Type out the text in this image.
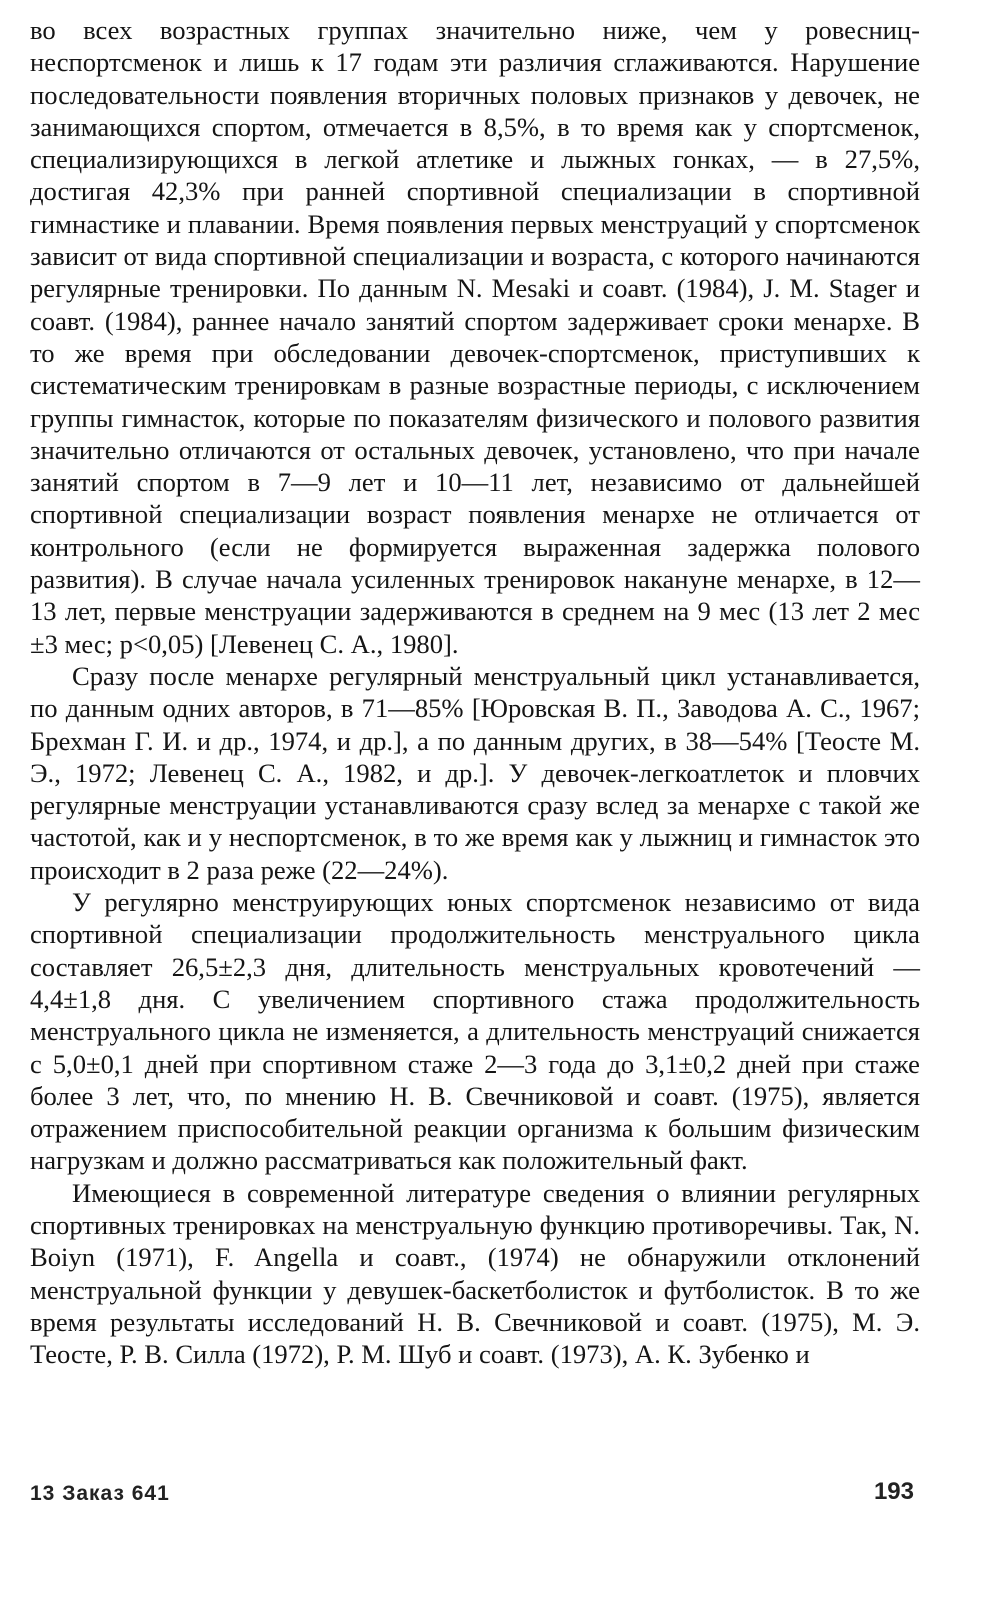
во всех возрастных группах значительно ниже, чем у ровесниц-неспортсменок и лишь к 17 годам эти различия сглаживаются. Нарушение последовательности появления вторичных половых признаков у девочек, не занимающихся спортом, отмечается в 8,5%, в то время как у спортсменок, специализирующихся в легкой атлетике и лыжных гонках, — в 27,5%, достигая 42,3% при ранней спортивной специализации в спортивной гимнастике и плавании. Время появления первых менструаций у спортсменок зависит от вида спортивной специализации и возраста, с которого начинаются регулярные тренировки. По данным N. Mesaki и соавт. (1984), J. M. Stager и соавт. (1984), раннее начало занятий спортом задерживает сроки менархе. В то же время при обследовании девочек-спортсменок, приступивших к систематическим тренировкам в разные возрастные периоды, с исключением группы гимнасток, которые по показателям физического и полового развития значительно отличаются от остальных девочек, установлено, что при начале занятий спортом в 7—9 лет и 10—11 лет, независимо от дальнейшей спортивной специализации возраст появления менархе не отличается от контрольного (если не формируется выраженная задержка полового развития). В случае начала усиленных тренировок накануне менархе, в 12—13 лет, первые менструации задерживаются в среднем на 9 мес (13 лет 2 мес ±3 мес; p<0,05) [Левенец С. А., 1980].

Сразу после менархе регулярный менструальный цикл устанавливается, по данным одних авторов, в 71—85% [Юровская В. П., Заводова А. С., 1967; Брехман Г. И. и др., 1974, и др.], а по данным других, в 38—54% [Теосте М. Э., 1972; Левенец С. А., 1982, и др.]. У девочек-легкоатлеток и пловчих регулярные менструации устанавливаются сразу вслед за менархе с такой же частотой, как и у неспортсменок, в то же время как у лыжниц и гимнасток это происходит в 2 раза реже (22—24%).

У регулярно менструирующих юных спортсменок независимо от вида спортивной специализации продолжительность менструального цикла составляет 26,5±2,3 дня, длительность менструальных кровотечений — 4,4±1,8 дня. С увеличением спортивного стажа продолжительность менструального цикла не изменяется, а длительность менструаций снижается с 5,0±0,1 дней при спортивном стаже 2—3 года до 3,1±0,2 дней при стаже более 3 лет, что, по мнению Н. В. Свечниковой и соавт. (1975), является отражением приспособительной реакции организма к большим физическим нагрузкам и должно рассматриваться как положительный факт.

Имеющиеся в современной литературе сведения о влиянии регулярных спортивных тренировках на менструальную функцию противоречивы. Так, N. Boiyn (1971), F. Angella и соавт., (1974) не обнаружили отклонений менструальной функции у девушек-баскетболисток и футболисток. В то же время результаты исследований Н. В. Свечниковой и соавт. (1975), М. Э. Теосте, Р. В. Силла (1972), Р. М. Шуб и соавт. (1973), А. К. Зубенко и

13 Заказ 641	193
